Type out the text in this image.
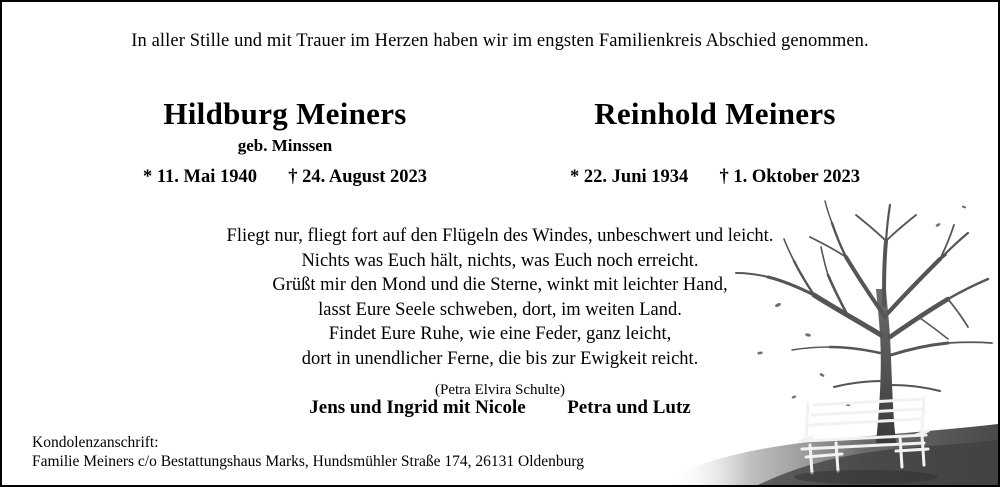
In aller Stille und mit Trauer im Herzen haben wir im engsten Familienkreis Abschied genommen.
Hildburg Meiners
geb. Minssen
* 11. Mai 1940 † 24. August 2023
Reinhold Meiners
* 22. Juni 1934 † 1. Oktober 2023
Fliegt nur, fliegt fort auf den Flügeln des Windes, unbeschwert und leicht.
Nichts was Euch hält, nichts, was Euch noch erreicht.
Grüßt mir den Mond und die Sterne, winkt mit leichter Hand,
lasst Eure Seele schweben, dort, im weiten Land.
Findet Eure Ruhe, wie eine Feder, ganz leicht,
dort in unendlicher Ferne, die bis zur Ewigkeit reicht.
(Petra Elvira Schulte)
Jens und Ingrid mit Nicole Petra und Lutz
Kondolenzanschrift:
Familie Meiners c/o Bestattungshaus Marks, Hundsmühler Straße 174, 26131 Oldenburg
